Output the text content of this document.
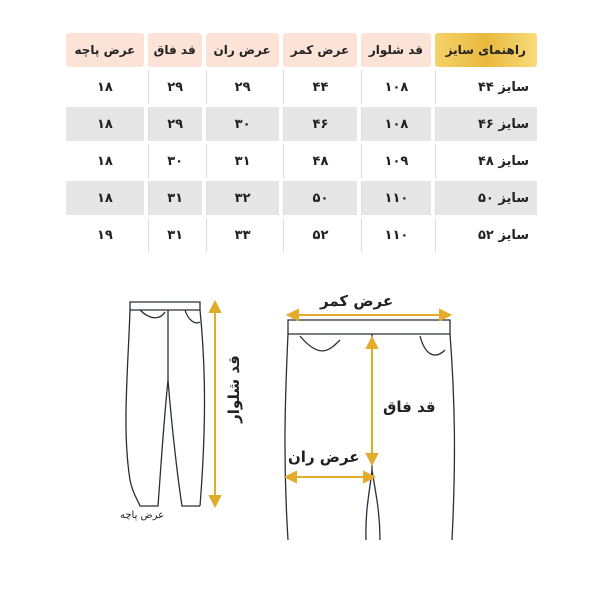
راهنمای سایز	قد شلوار	عرض کمر	عرض ران	قد فاق	عرض پاچه
سایز ۴۴	۱۰۸	۴۴	۲۹	۲۹	۱۸
سایز ۴۶	۱۰۸	۴۶	۳۰	۲۹	۱۸
سایز ۴۸	۱۰۹	۴۸	۳۱	۳۰	۱۸
سایز ۵۰	۱۱۰	۵۰	۳۲	۳۱	۱۸
سایز ۵۲	۱۱۰	۵۲	۳۳	۳۱	۱۹
عرض کمر
قد فاق
عرض ران
قد شلوار
عرض پاچه
